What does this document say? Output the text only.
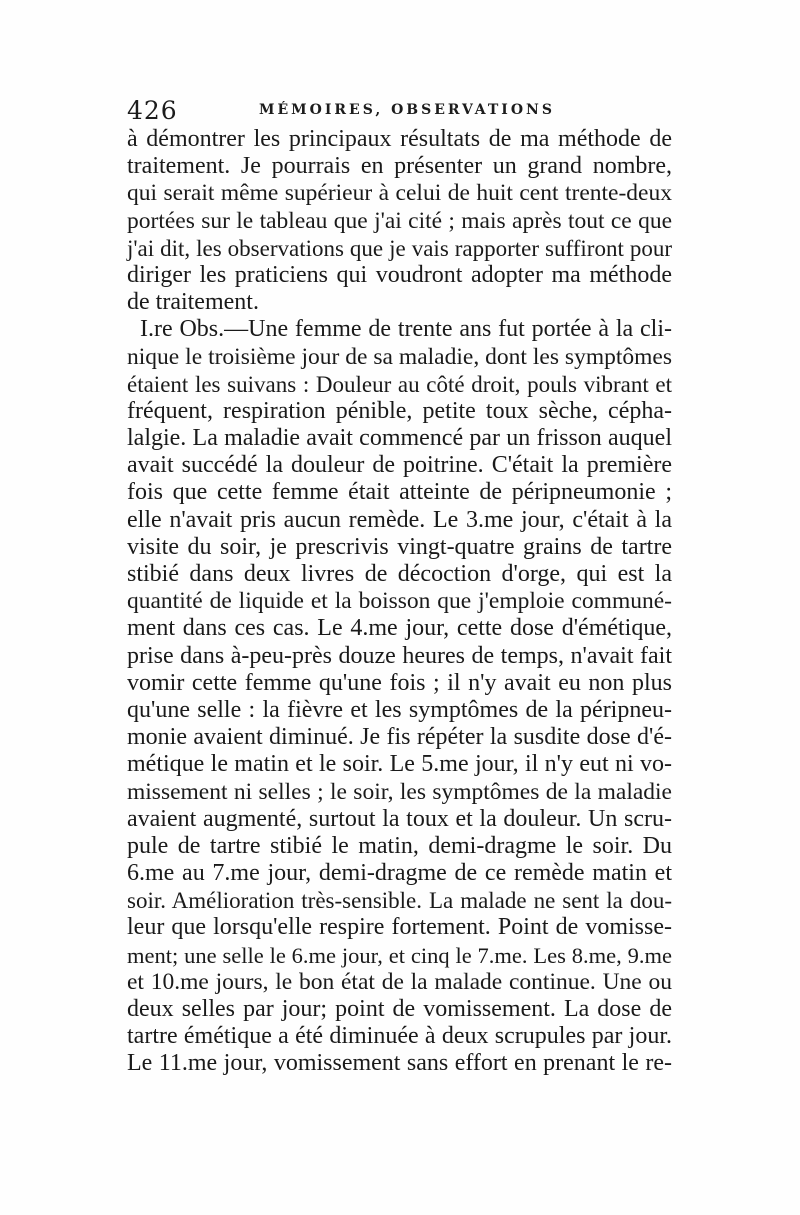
426	MÉMOIRES, OBSERVATIONS
à démontrer les principaux résultats de ma méthode de
traitement. Je pourrais en présenter un grand nombre,
qui serait même supérieur à celui de huit cent trente-deux
portées sur le tableau que j'ai cité ; mais après tout ce que
j'ai dit, les observations que je vais rapporter suffiront pour
diriger les praticiens qui voudront adopter ma méthode
de traitement.
I.re Obs.—Une femme de trente ans fut portée à la cli-
nique le troisième jour de sa maladie, dont les symptômes
étaient les suivans : Douleur au côté droit, pouls vibrant et
fréquent, respiration pénible, petite toux sèche, cépha-
lalgie. La maladie avait commencé par un frisson auquel
avait succédé la douleur de poitrine. C'était la première
fois que cette femme était atteinte de péripneumonie ;
elle n'avait pris aucun remède. Le 3.me jour, c'était à la
visite du soir, je prescrivis vingt-quatre grains de tartre
stibié dans deux livres de décoction d'orge, qui est la
quantité de liquide et la boisson que j'emploie communé-
ment dans ces cas. Le 4.me jour, cette dose d'émétique,
prise dans à-peu-près douze heures de temps, n'avait fait
vomir cette femme qu'une fois ; il n'y avait eu non plus
qu'une selle : la fièvre et les symptômes de la péripneu-
monie avaient diminué. Je fis répéter la susdite dose d'é-
métique le matin et le soir. Le 5.me jour, il n'y eut ni vo-
missement ni selles ; le soir, les symptômes de la maladie
avaient augmenté, surtout la toux et la douleur. Un scru-
pule de tartre stibié le matin, demi-dragme le soir. Du
6.me au 7.me jour, demi-dragme de ce remède matin et
soir. Amélioration très-sensible. La malade ne sent la dou-
leur que lorsqu'elle respire fortement. Point de vomisse-
ment; une selle le 6.me jour, et cinq le 7.me. Les 8.me, 9.me
et 10.me jours, le bon état de la malade continue. Une ou
deux selles par jour; point de vomissement. La dose de
tartre émétique a été diminuée à deux scrupules par jour.
Le 11.me jour, vomissement sans effort en prenant le re-
